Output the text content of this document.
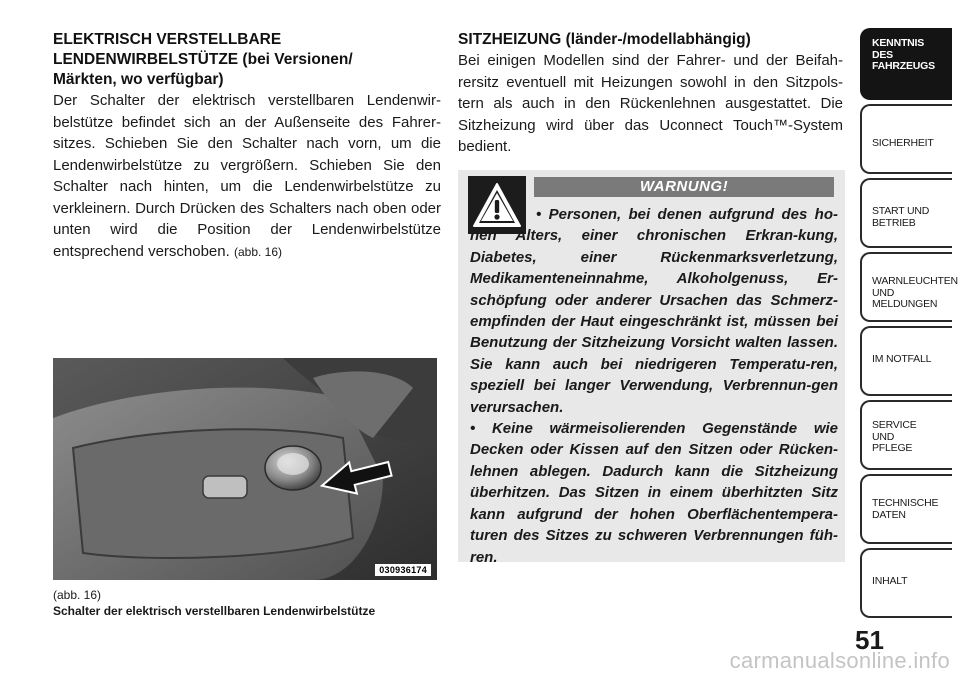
ELEKTRISCH VERSTELLBARE
LENDENWIRBELSTÜTZE (bei Versionen/
Märkten, wo verfügbar)

Der Schalter der elektrisch verstellbaren Lendenwir-belstütze befindet sich an der Außenseite des Fahrer-sitzes. Schieben Sie den Schalter nach vorn, um die Lendenwirbelstütze zu vergrößern. Schieben Sie den Schalter nach hinten, um die Lendenwirbelstütze zu verkleinern. Durch Drücken des Schalters nach oben oder unten wird die Position der Lendenwirbelstütze entsprechend verschoben. (abb. 16)

030936174
(abb. 16)
Schalter der elektrisch verstellbaren Lendenwirbelstütze
SITZHEIZUNG (länder-/modellabhängig)

Bei einigen Modellen sind der Fahrer- und der Beifah-rersitz eventuell mit Heizungen sowohl in den Sitzpols-tern als auch in den Rückenlehnen ausgestattet. Die Sitzheizung wird über das Uconnect Touch™-System bedient.

WARNUNG!

• Personen, bei denen aufgrund des ho-hen Alters, einer chronischen Erkran-kung, Diabetes, einer Rückenmarksverletzung, Medikamenteneinnahme, Alkoholgenuss, Er-schöpfung oder anderer Ursachen das Schmerz-empfinden der Haut eingeschränkt ist, müssen bei Benutzung der Sitzheizung Vorsicht walten lassen. Sie kann auch bei niedrigeren Temperatu-ren, speziell bei langer Verwendung, Verbrennun-gen verursachen.

• Keine wärmeisolierenden Gegenstände wie Decken oder Kissen auf den Sitzen oder Rücken-lehnen ablegen. Dadurch kann die Sitzheizung überhitzen. Das Sitzen in einem überhitzten Sitz kann aufgrund der hohen Oberflächentempera-turen des Sitzes zu schweren Verbrennungen füh-ren.

KENNTNIS
DES
FAHRZEUGS
SICHERHEIT
START UND
BETRIEB
WARNLEUCHTEN
UND
MELDUNGEN
IM NOTFALL
SERVICE
UND
PFLEGE
TECHNISCHE
DATEN
INHALT
51
carmanualsonline.info
